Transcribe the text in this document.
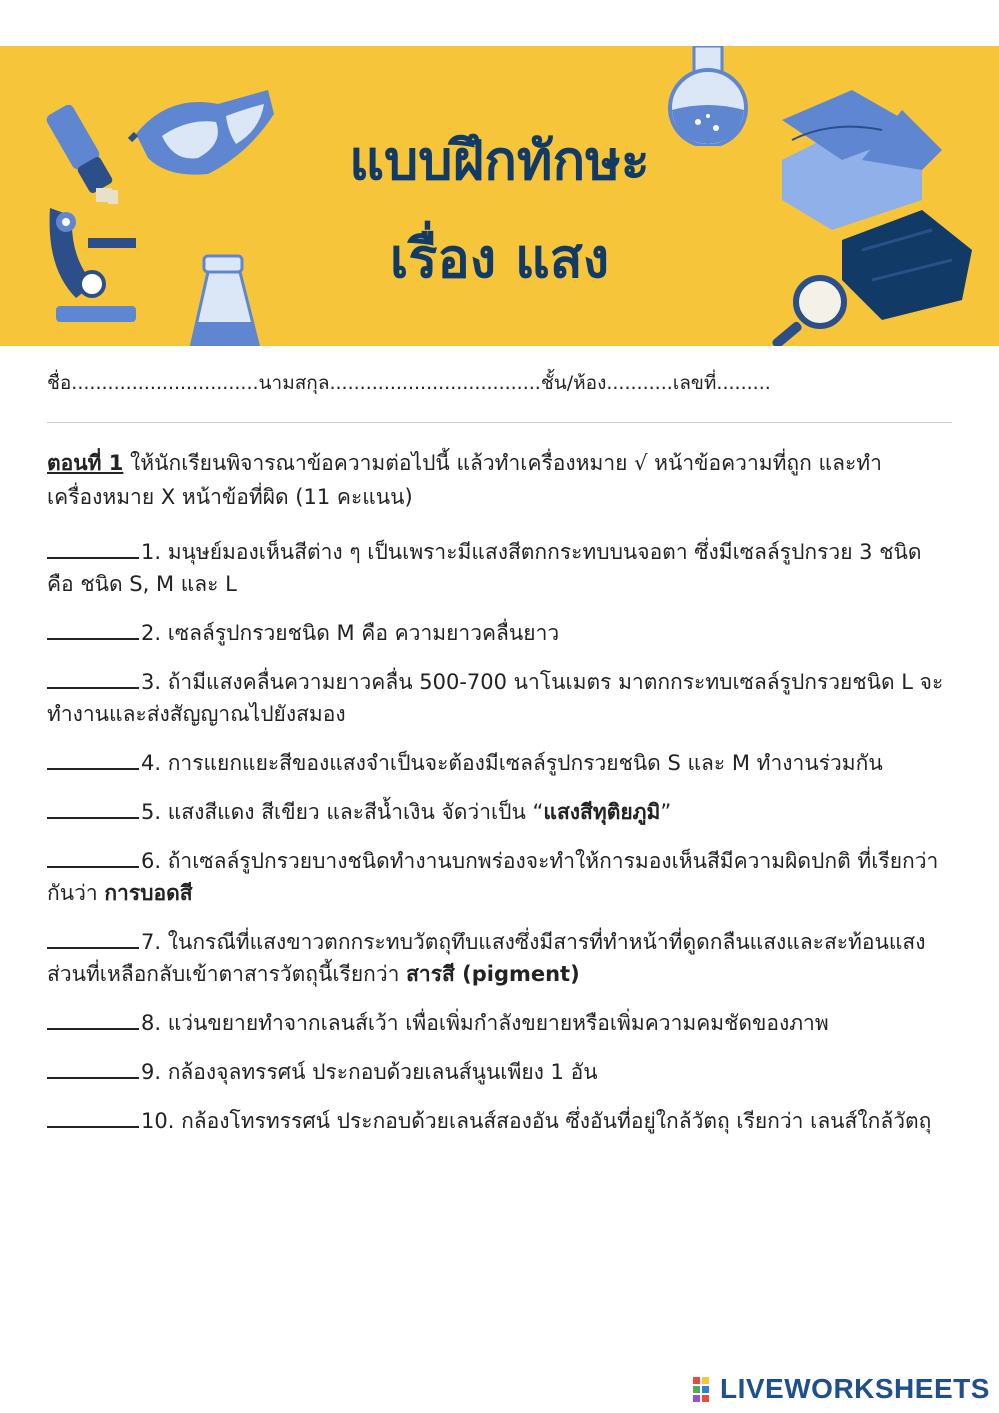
แบบฝึกทักษะ
เรื่อง แสง
ชื่อ...............................นามสกุล...................................ชั้น/ห้อง...........เลขที่.........
ตอนที่ 1 ให้นักเรียนพิจารณาข้อความต่อไปนี้ แล้วทำเครื่องหมาย √ หน้าข้อความที่ถูก และทำเครื่องหมาย X หน้าข้อที่ผิด (11 คะแนน)
1. มนุษย์มองเห็นสีต่าง ๆ เป็นเพราะมีแสงสีตกกระทบบนจอตา ซึ่งมีเซลล์รูปกรวย 3 ชนิด คือ ชนิด S, M และ L
2. เซลล์รูปกรวยชนิด M คือ ความยาวคลื่นยาว
3. ถ้ามีแสงคลื่นความยาวคลื่น 500-700 นาโนเมตร มาตกกระทบเซลล์รูปกรวยชนิด L จะทำงานและส่งสัญญาณไปยังสมอง
4. การแยกแยะสีของแสงจำเป็นจะต้องมีเซลล์รูปกรวยชนิด S และ M ทำงานร่วมกัน
5. แสงสีแดง สีเขียว และสีน้ำเงิน จัดว่าเป็น “แสงสีทุติยภูมิ”
6. ถ้าเซลล์รูปกรวยบางชนิดทำงานบกพร่องจะทำให้การมองเห็นสีมีความผิดปกติ ที่เรียกว่ากันว่า การบอดสี
7. ในกรณีที่แสงขาวตกกระทบวัตถุทึบแสงซึ่งมีสารที่ทำหน้าที่ดูดกลืนแสงและสะท้อนแสงส่วนที่เหลือกลับเข้าตาสารวัตถุนี้เรียกว่า สารสี (pigment)
8. แว่นขยายทำจากเลนส์เว้า เพื่อเพิ่มกำลังขยายหรือเพิ่มความคมชัดของภาพ
9. กล้องจุลทรรศน์ ประกอบด้วยเลนส์นูนเพียง 1 อัน
10. กล้องโทรทรรศน์ ประกอบด้วยเลนส์สองอัน ซึ่งอันที่อยู่ใกล้วัตถุ เรียกว่า เลนส์ใกล้วัตถุ
LIVEWORKSHEETS
